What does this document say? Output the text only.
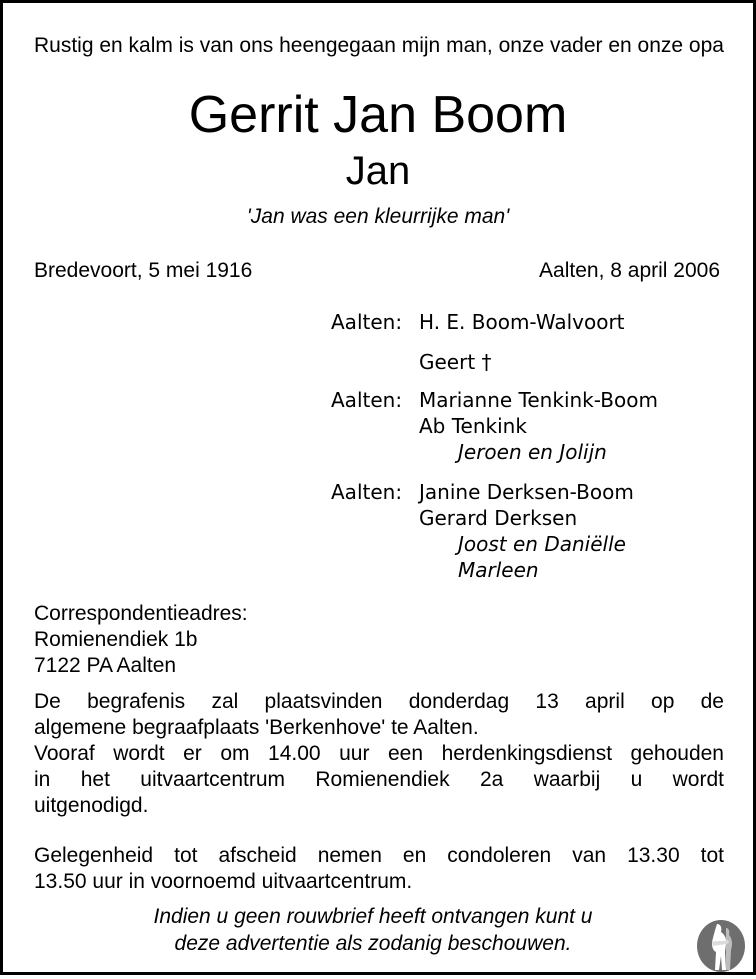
Rustig en kalm is van ons heengegaan mijn man, onze vader en onze opa
Gerrit Jan Boom
Jan
'Jan was een kleurrijke man'
Bredevoort, 5 mei 1916	Aalten, 8 april 2006
Aalten: H. E. Boom-Walvoort
Geert †
Aalten: Marianne Tenkink-Boom
Ab Tenkink
Jeroen en Jolijn
Aalten: Janine Derksen-Boom
Gerard Derksen
Joost en Daniëlle
Marleen
Correspondentieadres:
Romienendiek 1b
7122 PA Aalten
De begrafenis zal plaatsvinden donderdag 13 april op de
algemene begraafplaats 'Berkenhove' te Aalten.
Vooraf wordt er om 14.00 uur een herdenkingsdienst gehouden
in het uitvaartcentrum Romienendiek 2a waarbij u wordt
uitgenodigd.
Gelegenheid tot afscheid nemen en condoleren van 13.30 tot
13.50 uur in voornoemd uitvaartcentrum.
Indien u geen rouwbrief heeft ontvangen kunt u
deze advertentie als zodanig beschouwen.
